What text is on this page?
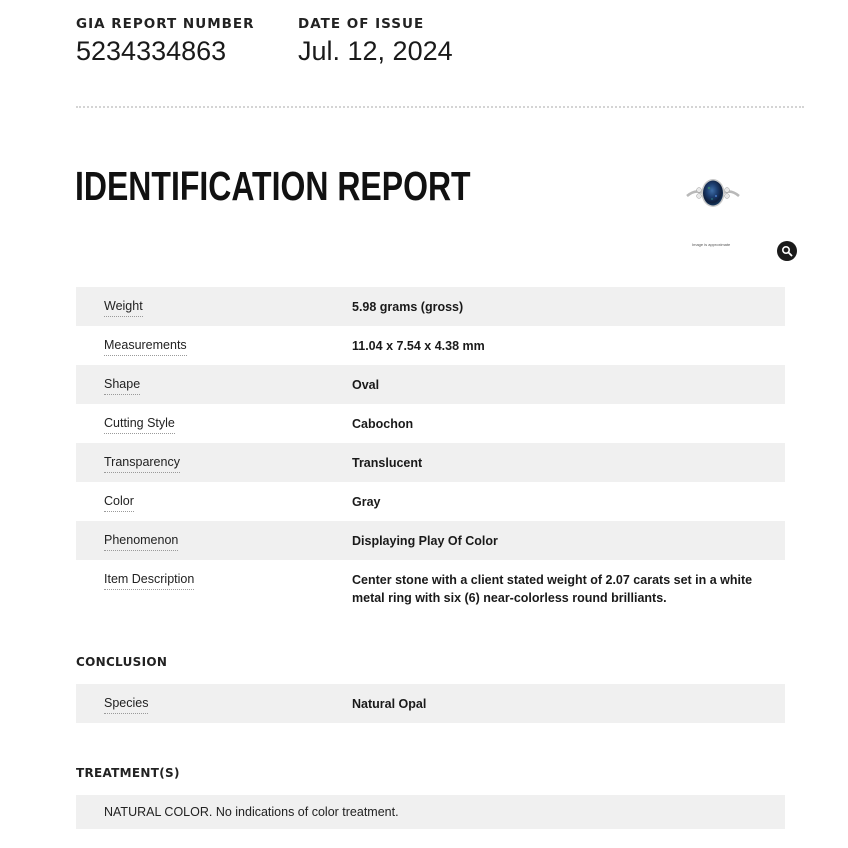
GIA REPORT NUMBER
5234334863
DATE OF ISSUE
Jul. 12, 2024
IDENTIFICATION REPORT
Image is approximate
Weight	5.98 grams (gross)
Measurements	11.04 x 7.54 x 4.38 mm
Shape	Oval
Cutting Style	Cabochon
Transparency	Translucent
Color	Gray
Phenomenon	Displaying Play Of Color
Item Description	Center stone with a client stated weight of 2.07 carats set in a white metal ring with six (6) near-colorless round brilliants.
CONCLUSION
Species	Natural Opal
TREATMENT(S)
NATURAL COLOR. No indications of color treatment.
